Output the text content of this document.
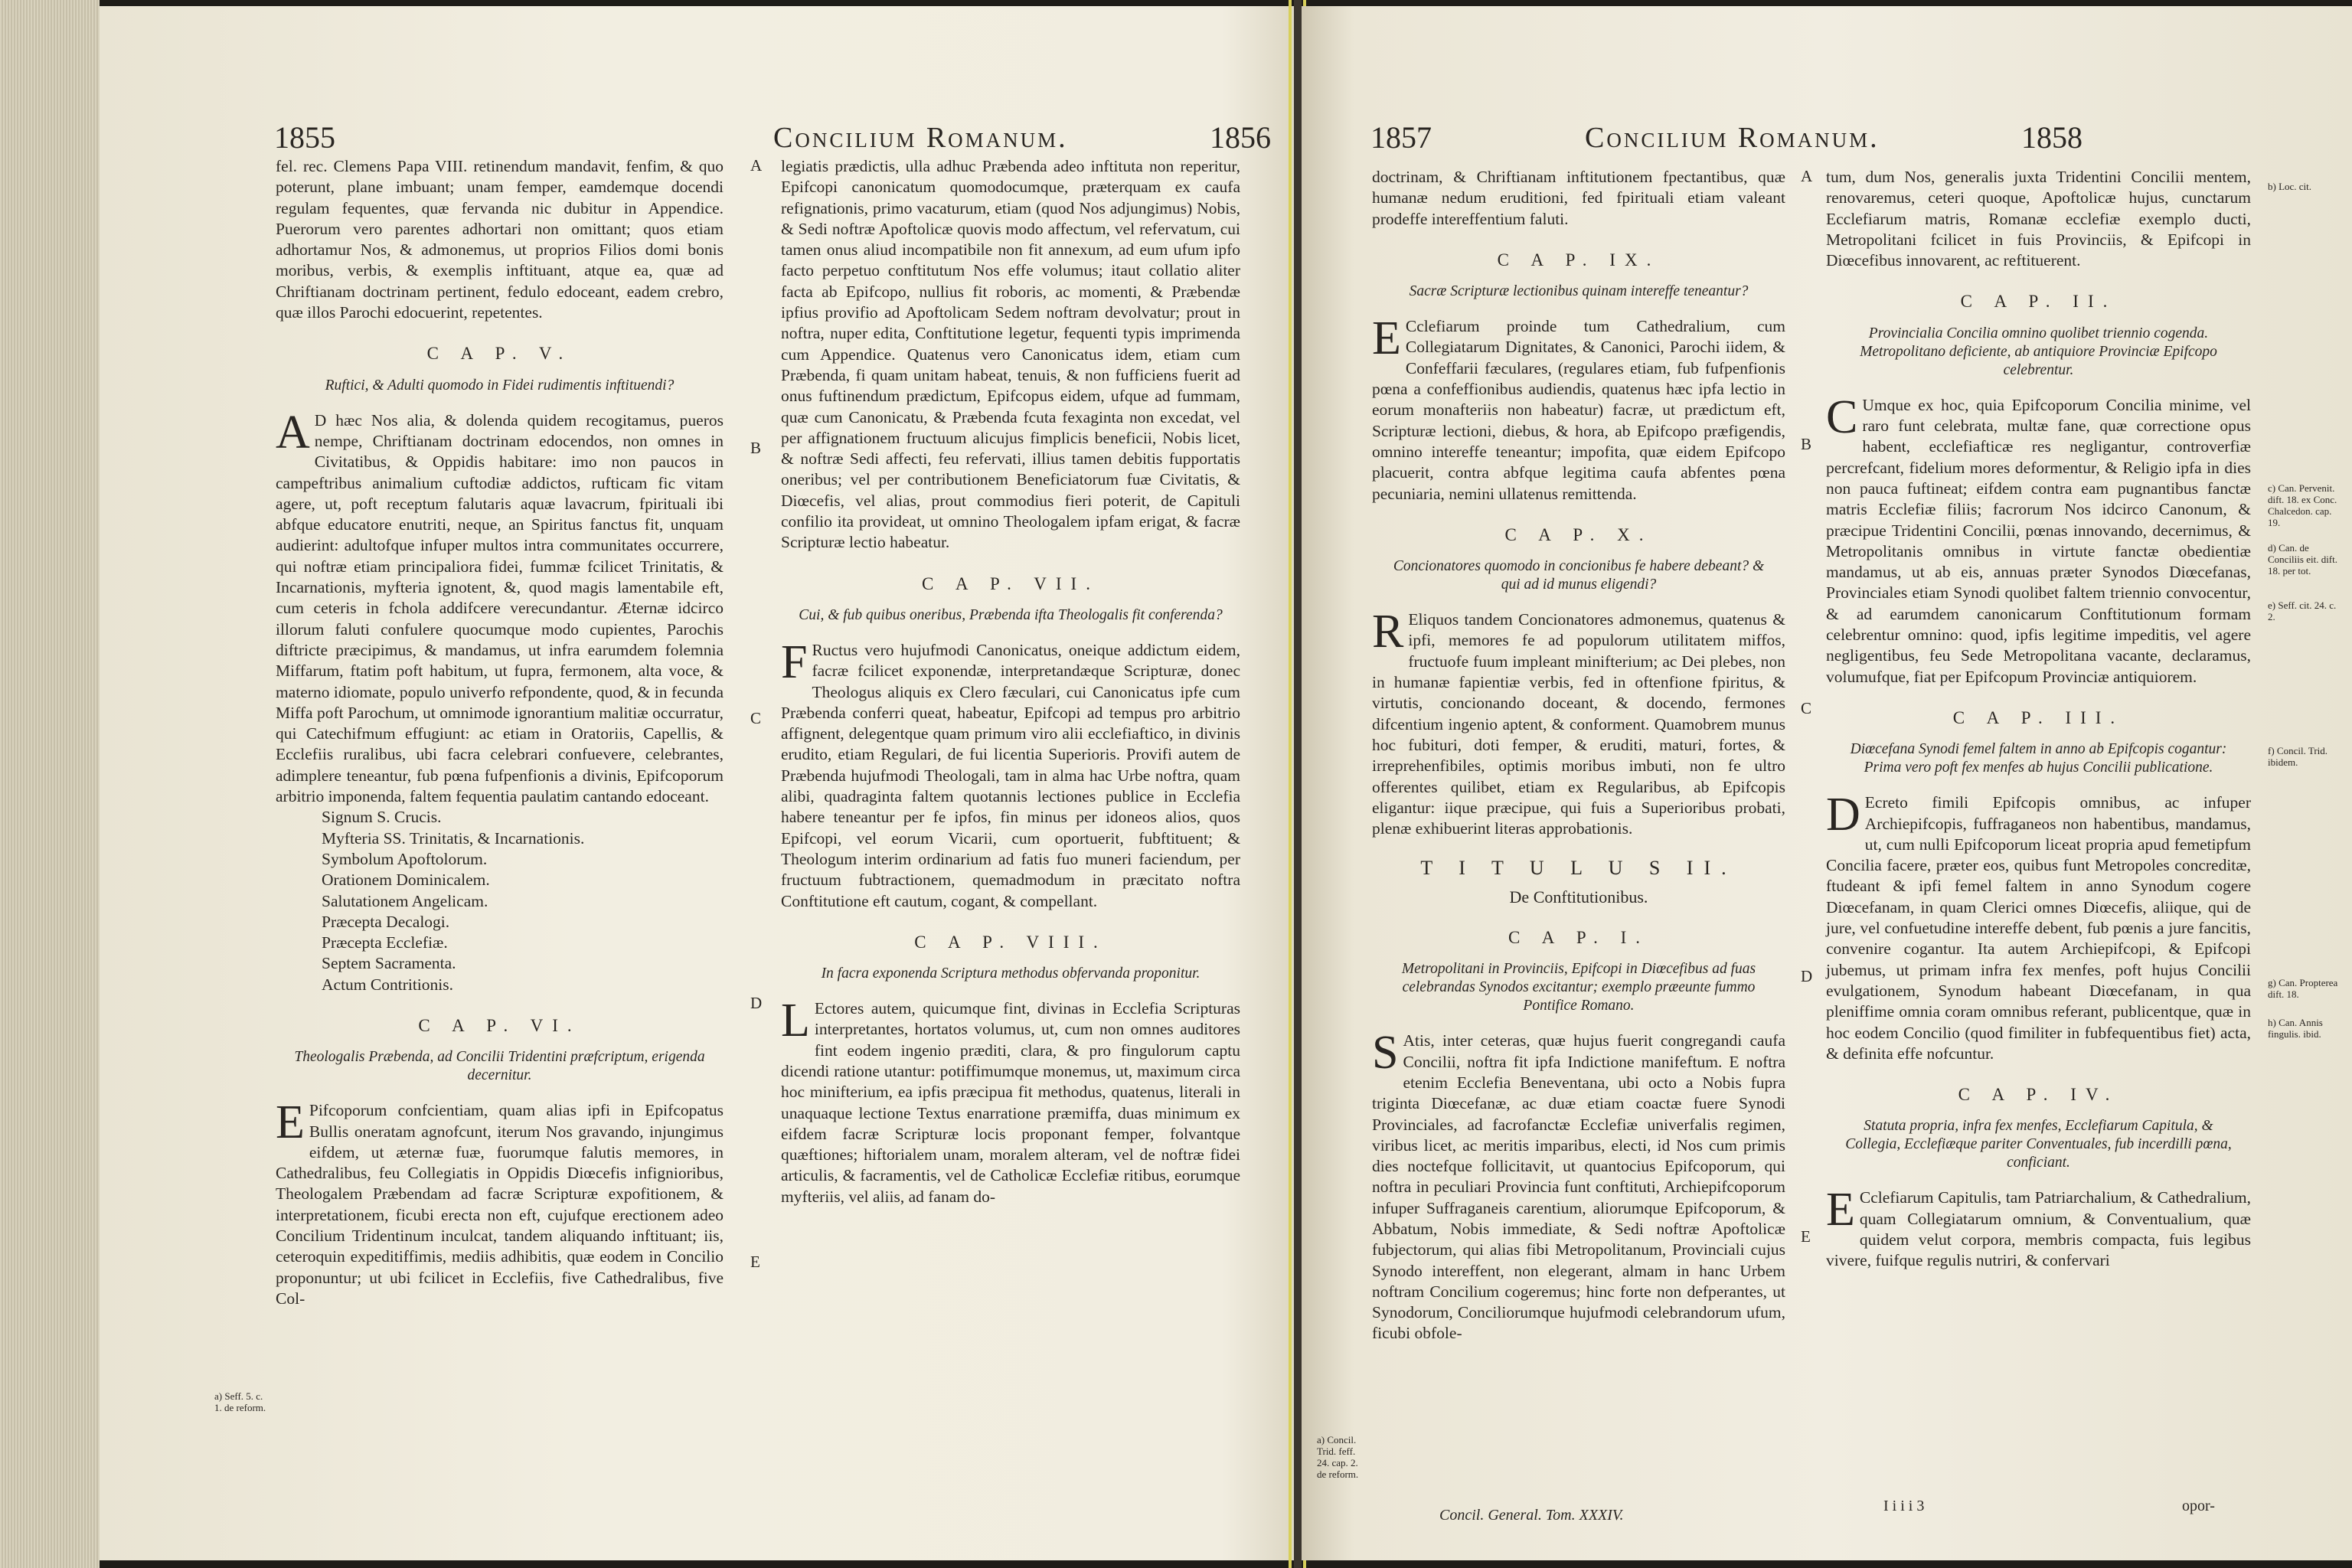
1855	Concilium Romanum.	1856

fel. rec. Clemens Papa VIII. retinendum mandavit, fenfim, & quo poterunt, plane imbuant; unam femper, eamdemque docendi regulam fequentes, quæ fervanda nic dubitur in Appendice. Puerorum vero parentes adhortari non omittant; quos etiam adhortamur Nos, & admonemus, ut proprios Filios domi bonis moribus, verbis, & exemplis inftituant, atque ea, quæ ad Chriftianam doctrinam pertinent, fedulo edoceant, eadem crebro, quæ illos Parochi edocuerint, repetentes.

C A P. V.

Ruftici, & Adulti quomodo in Fidei rudimentis inftituendi?

A D hæc Nos alia, & dolenda quidem recogitamus, pueros nempe, Chriftianam doctrinam edocendos, non omnes in Civitatibus, & Oppidis habitare: imo non paucos in campeftribus animalium cuftodiæ addictos, rufticam fic vitam agere, ut, poft receptum falutaris aquæ lavacrum, fpirituali ibi abfque educatore enutriti, neque, an Spiritus fanctus fit, unquam audierint: adultofque infuper multos intra communitates occurrere, qui noftræ etiam principaliora fidei, fummæ fcilicet Trinitatis, & Incarnationis, myfteria ignotent, &, quod magis lamentabile eft, cum ceteris in fchola addifcere verecundantur. Æternæ idcirco illorum faluti confulere quocumque modo cupientes, Parochis diftricte præcipimus, & mandamus, ut infra earumdem folemnia Miffarum, ftatim poft habitum, ut fupra, fermonem, alta voce, & materno idiomate, populo univerfo refpondente, quod, & in fecunda Miffa poft Parochum, ut omnimode ignorantium malitiæ occurratur, qui Catechifmum effugiunt: ac etiam in Oratoriis, Capellis, & Ecclefiis ruralibus, ubi facra celebrari confuevere, celebrantes, adimplere teneantur, fub pœna fufpenfionis a divinis, Epifcoporum arbitrio imponenda, faltem fequentia paulatim cantando edoceant.

Signum S. Crucis.
Myfteria SS. Trinitatis, & Incarnationis.
Symbolum Apoftolorum.
Orationem Dominicalem.
Salutationem Angelicam.
Præcepta Decalogi.
Præcepta Ecclefiæ.
Septem Sacramenta.
Actum Contritionis.

C A P. VI.

Theologalis Præbenda, ad Concilii Tridentini præfcriptum, erigenda decernitur.

E Pifcoporum confcientiam, quam alias ipfi in Epifcopatus Bullis oneratam agnofcunt, iterum Nos gravando, injungimus eifdem, ut æternæ fuæ, fuorumque falutis memores, in Cathedralibus, feu Collegiatis in Oppidis Diœcefis infignioribus, Theologalem Præbendam ad facræ Scripturæ expofitionem, & interpretationem, ficubi erecta non eft, cujufque erectionem adeo Concilium Tridentinum inculcat, tandem aliquando inftituant; iis, ceteroquin expeditiffimis, mediis adhibitis, quæ eodem in Concilio proponuntur; ut ubi fcilicet in Ecclefiis, five Cathedralibus, five Col-

legiatis prædictis, ulla adhuc Præbenda adeo inftituta non reperitur, Epifcopi canonicatum quomodocumque, præterquam ex caufa refignationis, primo vacaturum, etiam (quod Nos adjungimus) Nobis, & Sedi noftræ Apoftolicæ quovis modo affectum, vel refervatum, cui tamen onus aliud incompatibile non fit annexum, ad eum ufum ipfo facto perpetuo conftitutum Nos effe volumus; itaut collatio aliter facta ab Epifcopo, nullius fit roboris, ac momenti, & Præbendæ ipfius provifio ad Apoftolicam Sedem noftram devolvatur; prout in noftra, nuper edita, Conftitutione legetur, fequenti typis imprimenda cum Appendice. Quatenus vero Canonicatus idem, etiam cum Præbenda, fi quam unitam habeat, tenuis, & non fufficiens fuerit ad onus fuftinendum prædictum, Epifcopus eidem, ufque ad fummam, quæ cum Canonicatu, & Præbenda fcuta fexaginta non excedat, vel per affignationem fructuum alicujus fimplicis beneficii, Nobis licet, & noftræ Sedi affecti, feu refervati, illius tamen debitis fupportatis oneribus; vel per contributionem Beneficiatorum fuæ Civitatis, & Diœcefis, vel alias, prout commodius fieri poterit, de Capituli confilio ita provideat, ut omnino Theologalem ipfam erigat, & facræ Scripturæ lectio habeatur.

C A P. VII.

Cui, & fub quibus oneribus, Præbenda ifta Theologalis fit conferenda?

F Ructus vero hujufmodi Canonicatus, oneique addictum eidem, facræ fcilicet exponendæ, interpretandæque Scripturæ, donec Theologus aliquis ex Clero fæculari, cui Canonicatus ipfe cum Præbenda conferri queat, habeatur, Epifcopi ad tempus pro arbitrio affignent, delegentque quam primum viro alii ecclefiaftico, in divinis erudito, etiam Regulari, de fui licentia Superioris. Provifi autem de Præbenda hujufmodi Theologali, tam in alma hac Urbe noftra, quam alibi, quadraginta faltem quotannis lectiones publice in Ecclefia habere teneantur per fe ipfos, fin minus per idoneos alios, quos Epifcopi, vel eorum Vicarii, cum oportuerit, fubftituent; & Theologum interim ordinarium ad fatis fuo muneri faciendum, per fructuum fubtractionem, quemadmodum in præcitato noftra Conftitutione eft cautum, cogant, & compellant.

C A P. VIII.

In facra exponenda Scriptura methodus obfervanda proponitur.

L Ectores autem, quicumque fint, divinas in Ecclefia Scripturas interpretantes, hortatos volumus, ut, cum non omnes auditores fint eodem ingenio præditi, clara, & pro fingulorum captu dicendi ratione utantur: potiffimumque monemus, ut, maximum circa hoc minifterium, ea ipfis præcipua fit methodus, quatenus, literali in unaquaque lectione Textus enarratione præmiffa, duas minimum ex eifdem facræ Scripturæ locis proponant femper, folvantque quæftiones; hiftorialem unam, moralem alteram, vel de noftræ fidei articulis, & facramentis, vel de Catholicæ Ecclefiæ ritibus, eorumque myfteriis, vel aliis, ad fanam do-

A
B
C
D
E
a) Seff. 5. c. 1. de reform.
1857	Concilium Romanum.	1858

doctrinam, & Chriftianam inftitutionem fpectantibus, quæ humanæ nedum eruditioni, fed fpirituali etiam valeant prodeffe intereffentium faluti.

C A P. IX.

Sacræ Scripturæ lectionibus quinam intereffe teneantur?

E Cclefiarum proinde tum Cathedralium, cum Collegiatarum Dignitates, & Canonici, Parochi iidem, & Confeffarii fæculares, (regulares etiam, fub fufpenfionis pœna a confeffionibus audiendis, quatenus hæc ipfa lectio in eorum monafteriis non habeatur) facræ, ut prædictum eft, Scripturæ lectioni, diebus, & hora, ab Epifcopo præfigendis, omnino intereffe teneantur; impofita, quæ eidem Epifcopo placuerit, contra abfque legitima caufa abfentes pœna pecuniaria, nemini ullatenus remittenda.

C A P. X.

Concionatores quomodo in concionibus fe habere debeant? & qui ad id munus eligendi?

R Eliquos tandem Concionatores admonemus, quatenus & ipfi, memores fe ad populorum utilitatem miffos, fructuofe fuum impleant minifterium; ac Dei plebes, non in humanæ fapientiæ verbis, fed in oftenfione fpiritus, & virtutis, concionando doceant, & docendo, fermones difcentium ingenio aptent, & conforment. Quamobrem munus hoc fubituri, doti femper, & eruditi, maturi, fortes, & irreprehenfibiles, optimis moribus imbuti, non fe ultro offerentes quilibet, etiam ex Regularibus, ab Epifcopis eligantur: iique præcipue, qui fuis a Superioribus probati, plenæ exhibuerint literas approbationis.

T I T U L U S II.

De Conftitutionibus.

C A P. I.

Metropolitani in Provinciis, Epifcopi in Diœcefibus ad fuas celebrandas Synodos excitantur; exemplo præeunte fummo Pontifice Romano.

S Atis, inter ceteras, quæ hujus fuerit congregandi caufa Concilii, noftra fit ipfa Indictione manifeftum. E noftra etenim Ecclefia Beneventana, ubi octo a Nobis fupra triginta Diœcefanæ, ac duæ etiam coactæ fuere Synodi Provinciales, ad facrofanctæ Ecclefiæ univerfalis regimen, viribus licet, ac meritis imparibus, electi, id Nos cum primis dies noctefque follicitavit, ut quantocius Epifcoporum, qui noftra in peculiari Provincia funt conftituti, Archiepifcoporum infuper Suffraganeis carentium, aliorumque Epifcoporum, & Abbatum, Nobis immediate, & Sedi noftræ Apoftolicæ fubjectorum, qui alias fibi Metropolitanum, Provinciali cujus Synodo intereffent, non elegerant, almam in hanc Urbem noftram Concilium cogeremus; hinc forte non defperantes, ut Synodorum, Conciliorumque hujufmodi celebrandorum ufum, ficubi obfole-

tum, dum Nos, generalis juxta Tridentini Concilii mentem, renovaremus, ceteri quoque, Apoftolicæ hujus, cunctarum Ecclefiarum matris, Romanæ ecclefiæ exemplo ducti, Metropolitani fcilicet in fuis Provinciis, & Epifcopi in Diœcefibus innovarent, ac reftituerent.

C A P. II.

Provincialia Concilia omnino quolibet triennio cogenda. Metropolitano deficiente, ab antiquiore Provinciæ Epifcopo celebrentur.

C Umque ex hoc, quia Epifcoporum Concilia minime, vel raro funt celebrata, multæ fane, quæ correctione opus habent, ecclefiafticæ res negligantur, controverfiæ percrefcant, fidelium mores deformentur, & Religio ipfa in dies non pauca fuftineat; eifdem contra eam pugnantibus fanctæ matris Ecclefiæ filiis; facrorum Nos idcirco Canonum, & præcipue Tridentini Concilii, pœnas innovando, decernimus, & Metropolitanis omnibus in virtute fanctæ obedientiæ mandamus, ut ab eis, annuas præter Synodos Diœcefanas, Provinciales etiam Synodi quolibet faltem triennio convocentur, & ad earumdem canonicarum Conftitutionum formam celebrentur omnino: quod, ipfis legitime impeditis, vel agere negligentibus, feu Sede Metropolitana vacante, declaramus, volumufque, fiat per Epifcopum Provinciæ antiquiorem.

C A P. III.

Diœcefana Synodi femel faltem in anno ab Epifcopis cogantur: Prima vero poft fex menfes ab hujus Concilii publicatione.

D Ecreto fimili Epifcopis omnibus, ac infuper Archiepifcopis, fuffraganeos non habentibus, mandamus, ut, cum nulli Epifcoporum liceat propria apud femetipfum Concilia facere, præter eos, quibus funt Metropoles concreditæ, ftudeant & ipfi femel faltem in anno Synodum cogere Diœcefanam, in quam Clerici omnes Diœcefis, aliique, qui de jure, vel confuetudine intereffe debent, fub pœnis a jure fancitis, convenire cogantur. Ita autem Archiepifcopi, & Epifcopi jubemus, ut primam infra fex menfes, poft hujus Concilii evulgationem, Synodum habeant Diœcefanam, in qua pleniffime omnia coram omnibus referant, publicentque, quæ in hoc eodem Concilio (quod fimiliter in fubfequentibus fiet) acta, & definita effe nofcuntur.

C A P. IV.

Statuta propria, infra fex menfes, Ecclefiarum Capitula, & Collegia, Ecclefiæque pariter Conventuales, fub incerdilli pœna, conficiant.

E Cclefiarum Capitulis, tam Patriarchalium, & Cathedralium, quam Collegiatarum omnium, & Conventualium, quæ quidem velut corpora, membris compacta, fuis legibus vivere, fuifque regulis nutriri, & confervari

A
B
C
D
E
a) Concil. Trid. feff. 24. cap. 2. de reform.
b) Loc. cit.
c) Can. Pervenit. dift. 18. ex Conc. Chalcedon. cap. 19.
d) Can. de Conciliis eit. dift. 18. per tot.
e) Seff. cit. 24. c. 2.
f) Concil. Trid. ibidem.
g) Can. Propterea dift. 18.
h) Can. Annis fingulis. ibid.
Concil. General. Tom. XXXIV.
I i i i 3	opor-
